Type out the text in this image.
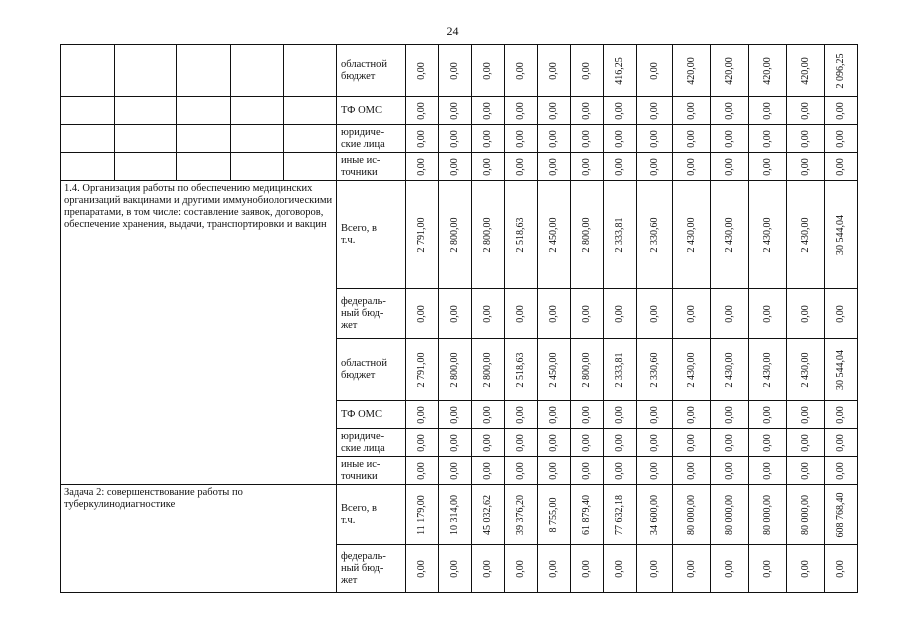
24
					областной
бюджет	0,00	0,00	0,00	0,00	0,00	0,00	416,25	0,00	420,00	420,00	420,00	420,00	2 096,25

					ТФ ОМС	0,00	0,00	0,00	0,00	0,00	0,00	0,00	0,00	0,00	0,00	0,00	0,00	0,00

					юридиче-
ские лица	0,00	0,00	0,00	0,00	0,00	0,00	0,00	0,00	0,00	0,00	0,00	0,00	0,00

					иные ис-
точники	0,00	0,00	0,00	0,00	0,00	0,00	0,00	0,00	0,00	0,00	0,00	0,00	0,00

1.4. Организация работы по обеспечению медицинских организаций вакцинами и другими иммунобиологическими препаратами, в том числе: составление заявок, договоров, обеспечение хранения, выдачи, транспортировки и вакцин					Всего, в
т.ч.	2 791,00	2 800,00	2 800,00	2 518,63	2 450,00	2 800,00	2 333,81	2 330,60	2 430,00	2 430,00	2 430,00	2 430,00	30 544,04

					федераль-
ный бюд-
жет	0,00	0,00	0,00	0,00	0,00	0,00	0,00	0,00	0,00	0,00	0,00	0,00	0,00

					областной
бюджет	2 791,00	2 800,00	2 800,00	2 518,63	2 450,00	2 800,00	2 333,81	2 330,60	2 430,00	2 430,00	2 430,00	2 430,00	30 544,04

					ТФ ОМС	0,00	0,00	0,00	0,00	0,00	0,00	0,00	0,00	0,00	0,00	0,00	0,00	0,00

					юридиче-
ские лица	0,00	0,00	0,00	0,00	0,00	0,00	0,00	0,00	0,00	0,00	0,00	0,00	0,00

					иные ис-
точники	0,00	0,00	0,00	0,00	0,00	0,00	0,00	0,00	0,00	0,00	0,00	0,00	0,00

Задача 2: совершенствование работы по туберкулинодиагностике					Всего, в
т.ч.	11 179,00	10 314,00	45 032,62	39 376,20	8 755,00	61 879,40	77 632,18	34 600,00	80 000,00	80 000,00	80 000,00	80 000,00	608 768,40

					федераль-
ный бюд-
жет	0,00	0,00	0,00	0,00	0,00	0,00	0,00	0,00	0,00	0,00	0,00	0,00	0,00
